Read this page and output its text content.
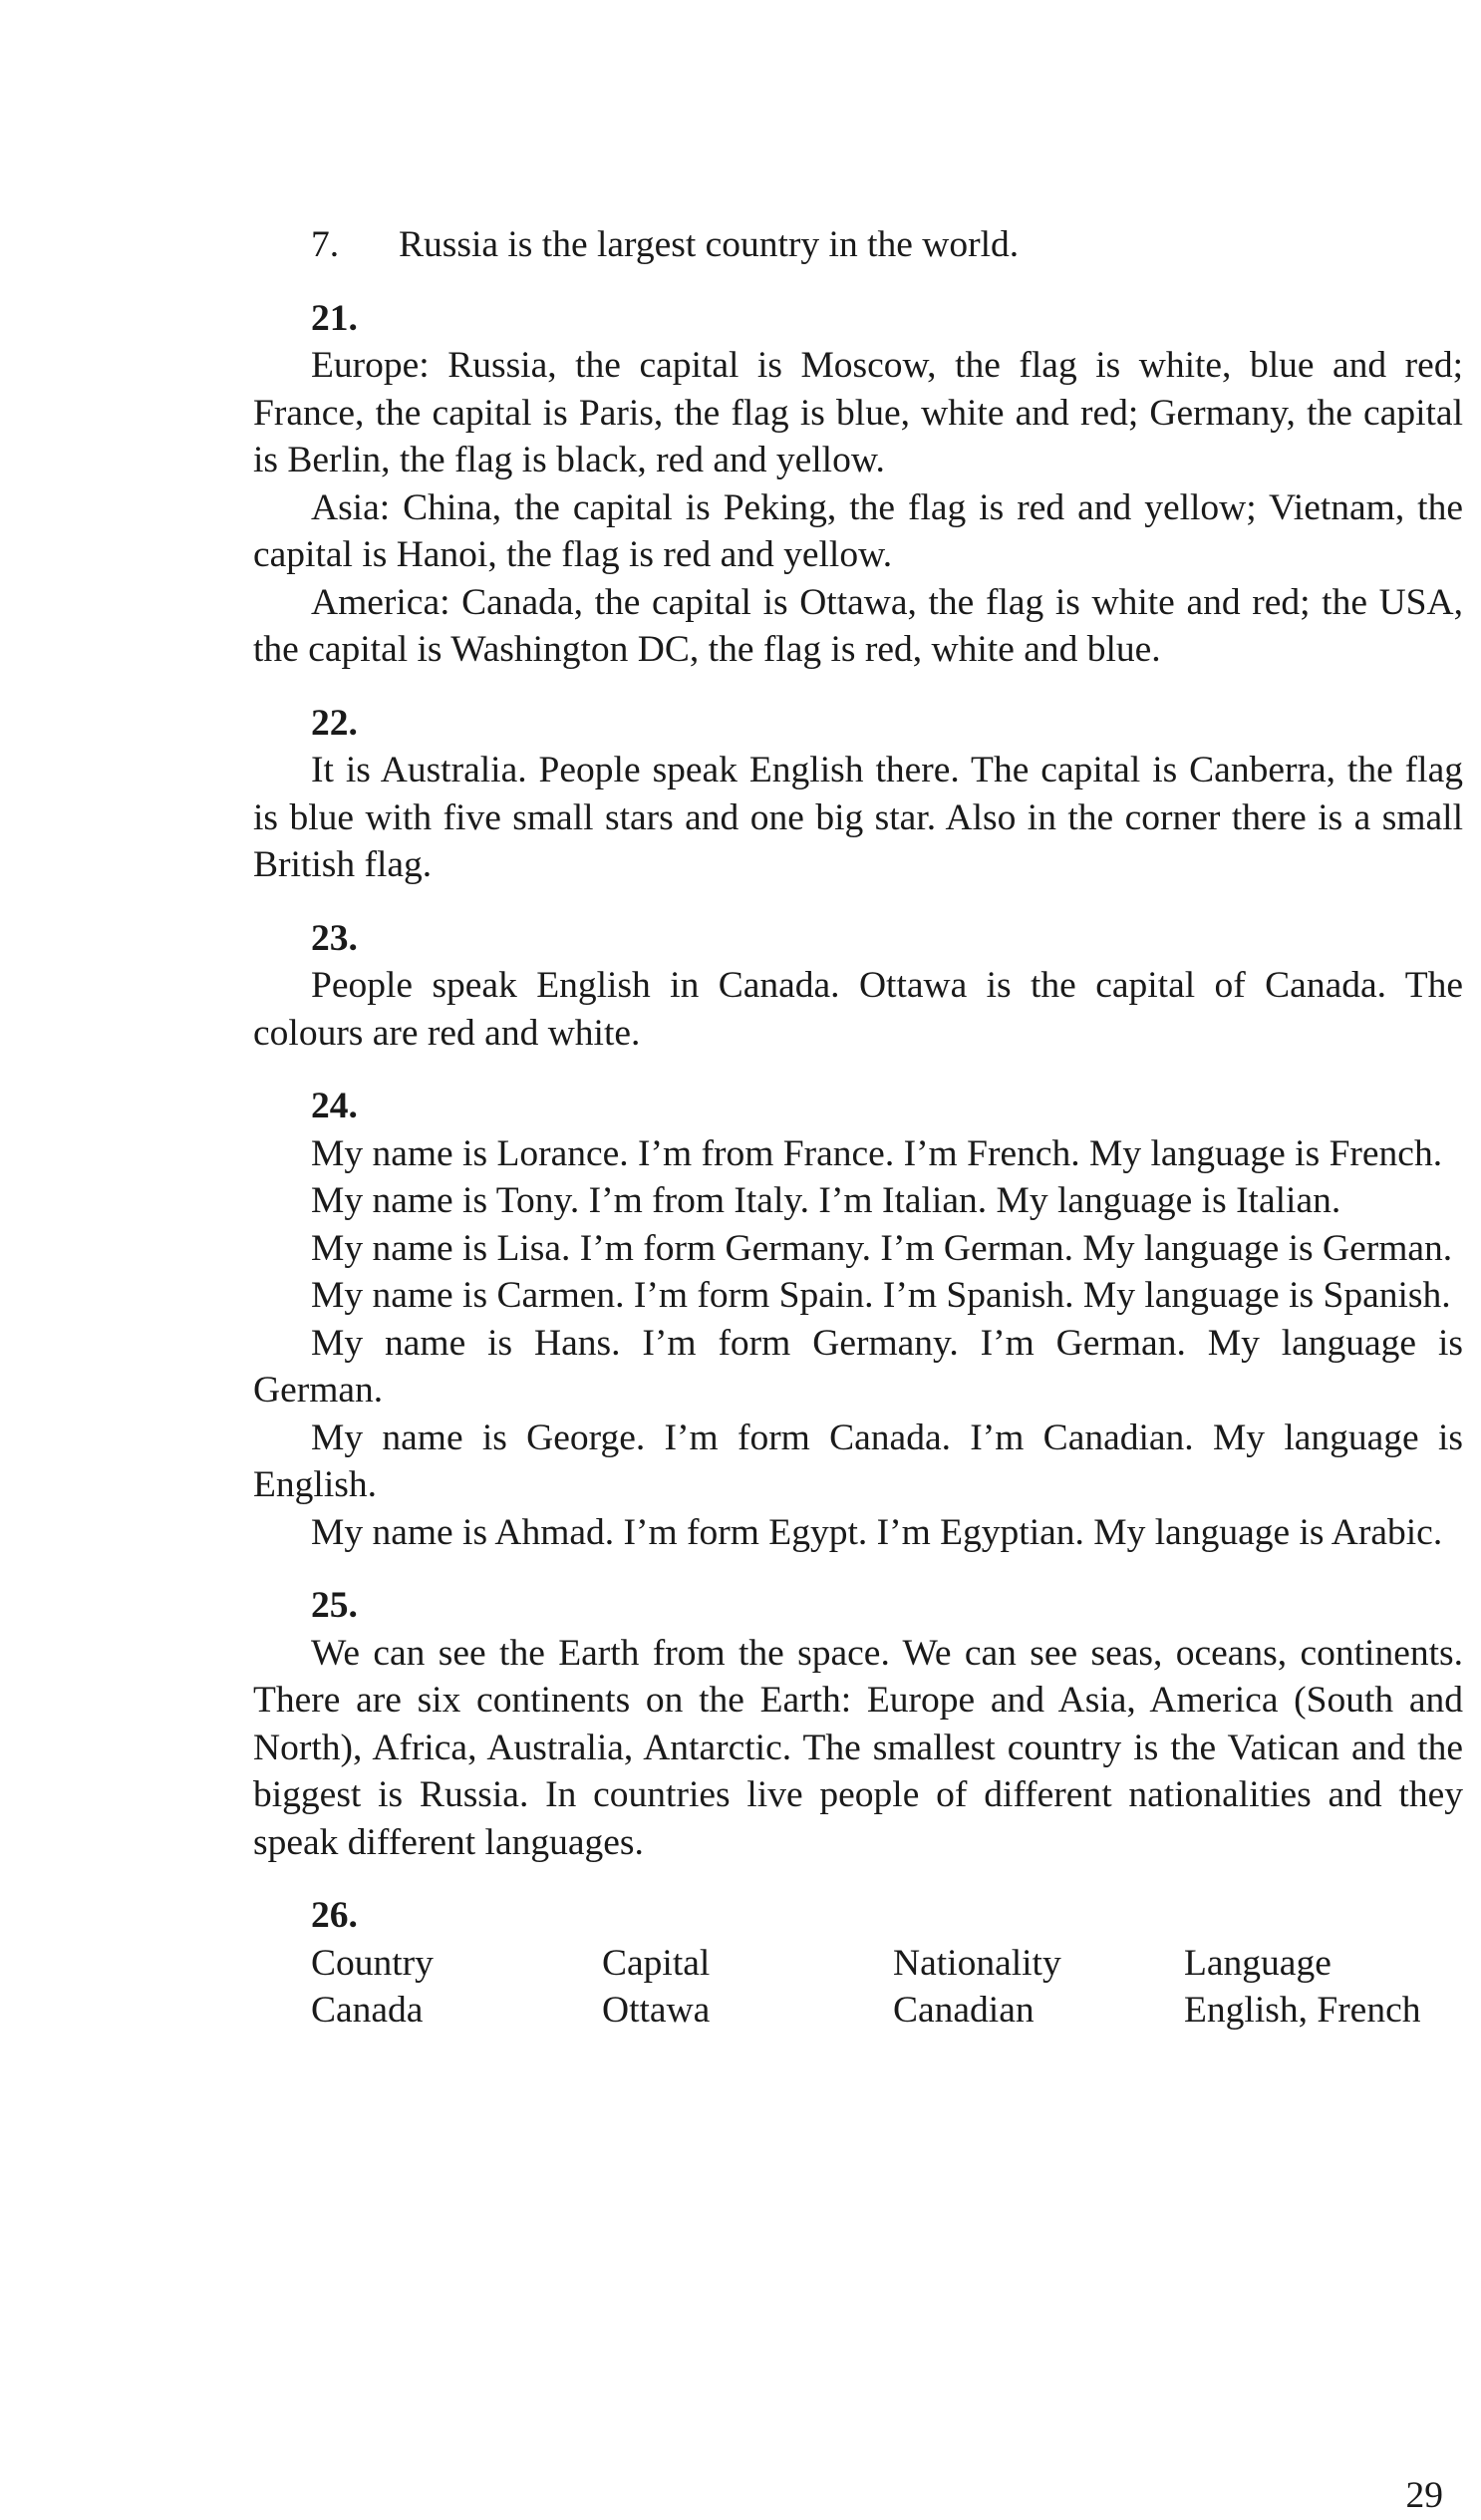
7. Russia is the largest country in the world.
21.

Europe: Russia, the capital is Moscow, the flag is white, blue and red; France, the capital is Paris, the flag is blue, white and red; Germany, the capital is Berlin, the flag is black, red and yellow.

Asia: China, the capital is Peking, the flag is red and yellow; Vietnam, the capital is Hanoi, the flag is red and yellow.

America: Canada, the capital is Ottawa, the flag is white and red; the USA, the capital is Washington DC, the flag is red, white and blue.

22.

It is Australia. People speak English there. The capital is Canberra, the flag is blue with five small stars and one big star. Also in the corner there is a small British flag.

23.

People speak English in Canada. Ottawa is the capital of Canada. The colours are red and white.

24.

My name is Lorance. I’m from France. I’m French. My language is French.

My name is Tony. I’m from Italy. I’m Italian. My language is Italian.

My name is Lisa. I’m form Germany. I’m German. My language is German.

My name is Carmen. I’m form Spain. I’m Spanish. My language is Spanish.

My name is Hans. I’m form Germany. I’m German. My language is German.

My name is George. I’m form Canada. I’m Canadian. My language is English.

My name is Ahmad. I’m form Egypt. I’m Egyptian. My language is Arabic.

25.

We can see the Earth from the space. We can see seas, oceans, continents. There are six continents on the Earth: Europe and Asia, America (South and North), Africa, Australia, Antarctic. The smallest country is the Vatican and the biggest is Russia. In countries live people of different nationalities and they speak different languages.

26.
Country	Capital	Nationality	Language
Canada	Ottawa	Canadian	English, French
29
